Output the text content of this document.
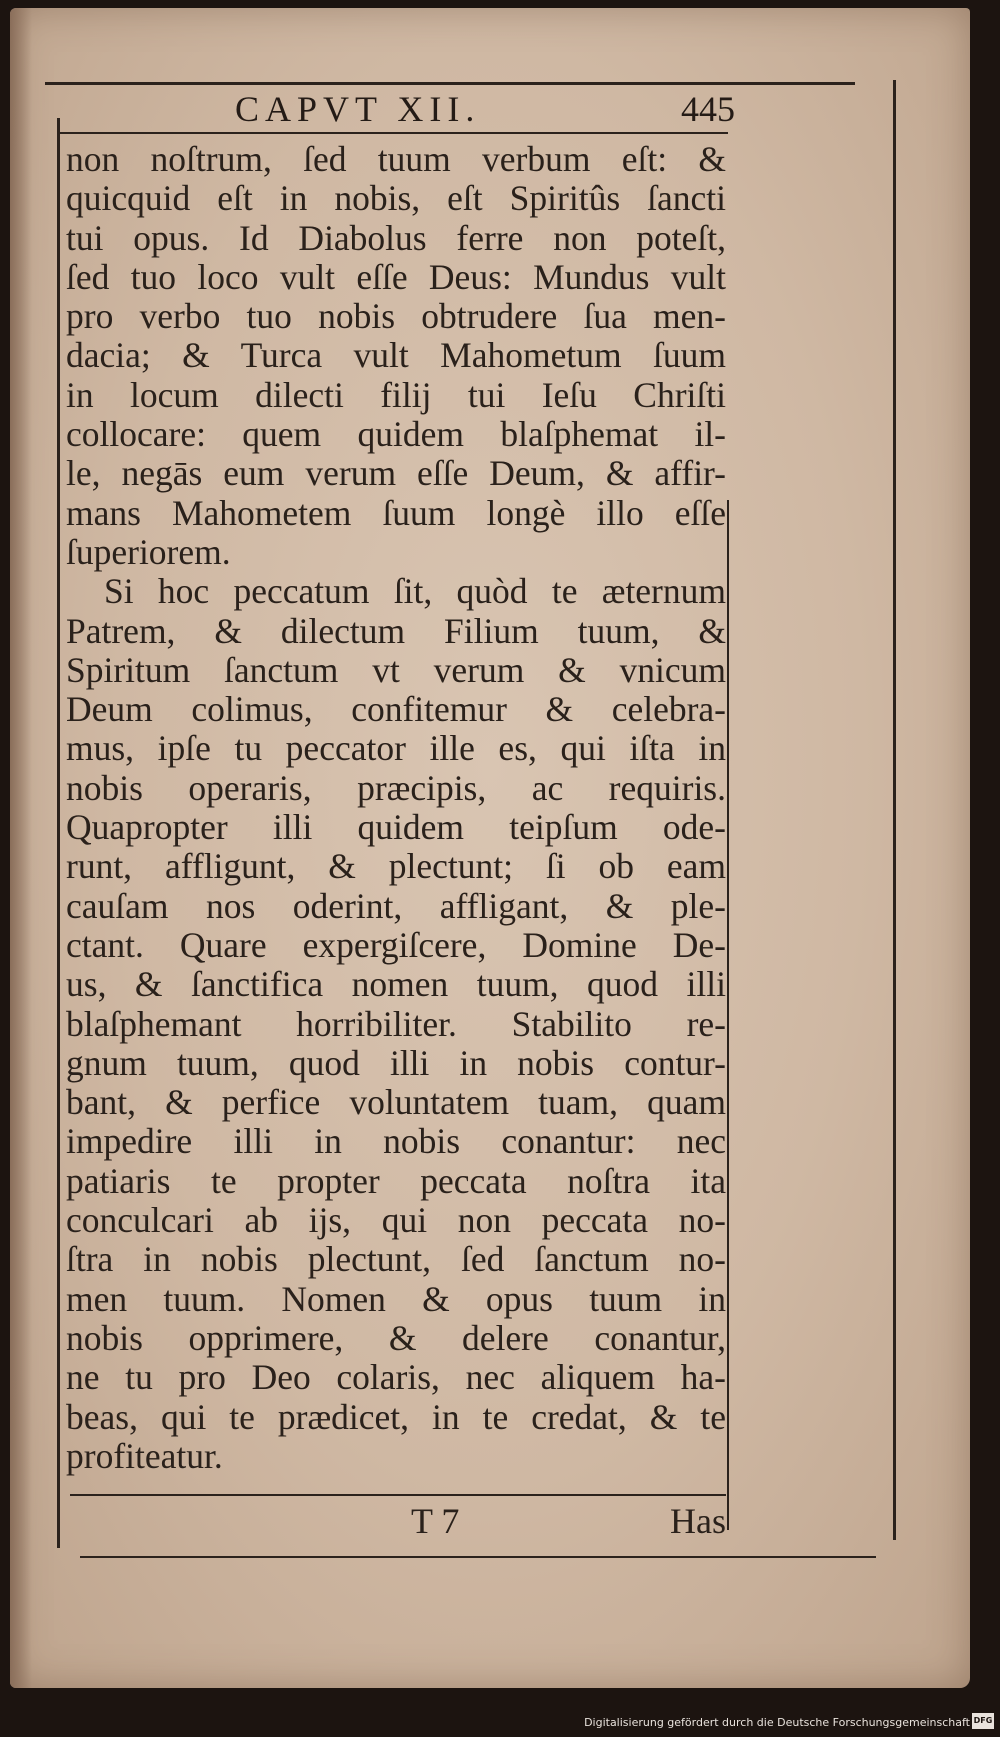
CAPVT XII.	445
non noſtrum, ſed tuum verbum eſt: &
quicquid eſt in nobis, eſt Spiritûs ſancti
tui opus. Id Diabolus ferre non poteſt,
ſed tuo loco vult eſſe Deus: Mundus vult
pro verbo tuo nobis obtrudere ſua men-
dacia; & Turca vult Mahometum ſuum
in locum dilecti filij tui Ieſu Chriſti
collocare: quem quidem blaſphemat il-
le, negās eum verum eſſe Deum, & affir-
mans Mahometem ſuum longè illo eſſe
ſuperiorem.
Si hoc peccatum ſit, quòd te æternum
Patrem, & dilectum Filium tuum, &
Spiritum ſanctum vt verum & vnicum
Deum colimus, confitemur & celebra-
mus, ipſe tu peccator ille es, qui iſta in
nobis operaris, præcipis, ac requiris.
Quapropter illi quidem teipſum ode-
runt, affligunt, & plectunt; ſi ob eam
cauſam nos oderint, affligant, & ple-
ctant. Quare expergiſcere, Domine De-
us, & ſanctifica nomen tuum, quod illi
blaſphemant horribiliter. Stabilito re-
gnum tuum, quod illi in nobis contur-
bant, & perfice voluntatem tuam, quam
impedire illi in nobis conantur: nec
patiaris te propter peccata noſtra ita
conculcari ab ijs, qui non peccata no-
ſtra in nobis plectunt, ſed ſanctum no-
men tuum. Nomen & opus tuum in
nobis opprimere, & delere conantur,
ne tu pro Deo colaris, nec aliquem ha-
beas, qui te prædicet, in te credat, & te
profiteatur.
T 7	Has
Digitalisierung gefördert durch die Deutsche Forschungsgemeinschaft DFG
